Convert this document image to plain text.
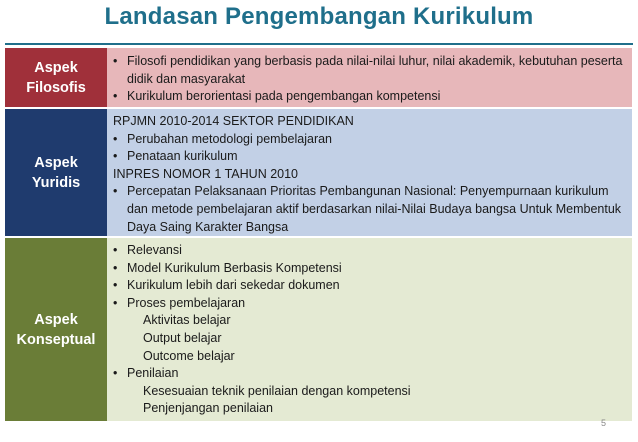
Landasan Pengembangan Kurikulum
Aspek Filosofis
• Filosofi pendidikan yang berbasis pada nilai-nilai luhur, nilai akademik, kebutuhan peserta didik dan masyarakat
• Kurikulum berorientasi pada pengembangan kompetensi
Aspek Yuridis
RPJMN 2010-2014 SEKTOR PENDIDIKAN
• Perubahan metodologi pembelajaran
• Penataan kurikulum
INPRES NOMOR 1 TAHUN 2010
• Percepatan Pelaksanaan Prioritas Pembangunan Nasional: Penyempurnaan kurikulum dan metode pembelajaran aktif berdasarkan nilai-Nilai Budaya bangsa Untuk Membentuk Daya Saing Karakter Bangsa
Aspek Konseptual
• Relevansi
• Model Kurikulum Berbasis Kompetensi
• Kurikulum lebih dari sekedar dokumen
• Proses pembelajaran
Aktivitas belajar
Output belajar
Outcome belajar
• Penilaian
Kesesuaian teknik penilaian dengan kompetensi
Penjenjangan penilaian
5
